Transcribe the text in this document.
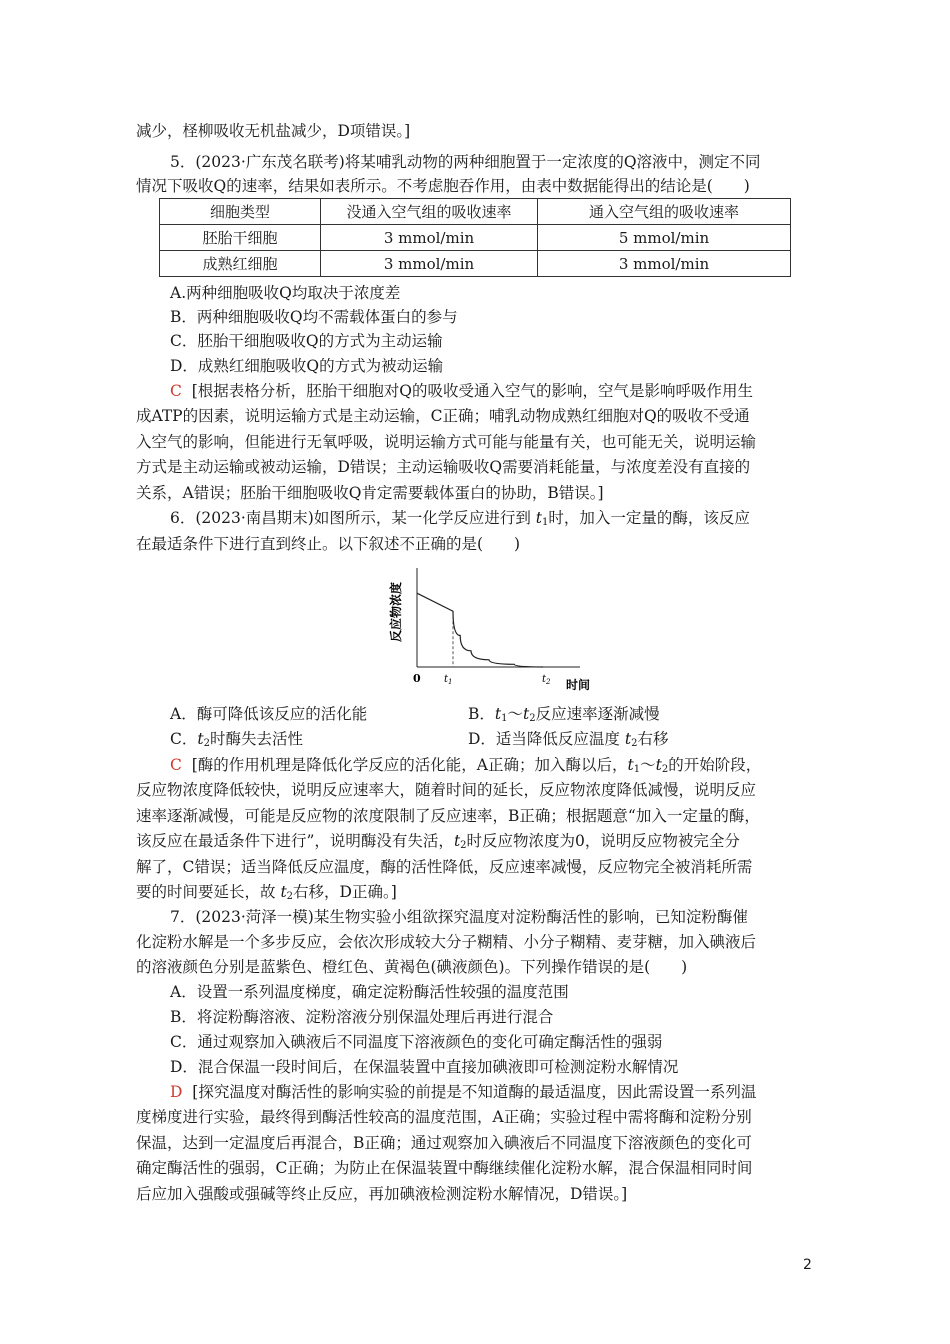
减少，柽柳吸收无机盐减少，D项错误。]
5．(2023·广东茂名联考)将某哺乳动物的两种细胞置于一定浓度的Q溶液中，测定不同
情况下吸收Q的速率，结果如表所示。不考虑胞吞作用，由表中数据能得出的结论是(　　)
细胞类型	没通入空气组的吸收速率	通入空气组的吸收速率
胚胎干细胞	3 mmol/min	5 mmol/min
成熟红细胞	3 mmol/min	3 mmol/min
A.两种细胞吸收Q均取决于浓度差
B．两种细胞吸收Q均不需载体蛋白的参与
C．胚胎干细胞吸收Q的方式为主动运输
D．成熟红细胞吸收Q的方式为被动运输
C [根据表格分析，胚胎干细胞对Q的吸收受通入空气的影响，空气是影响呼吸作用生
成ATP的因素，说明运输方式是主动运输，C正确；哺乳动物成熟红细胞对Q的吸收不受通
入空气的影响，但能进行无氧呼吸，说明运输方式可能与能量有关，也可能无关，说明运输
方式是主动运输或被动运输，D错误；主动运输吸收Q需要消耗能量，与浓度差没有直接的
关系，A错误；胚胎干细胞吸收Q肯定需要载体蛋白的协助，B错误。]
6．(2023·南昌期末)如图所示，某一化学反应进行到 $t_1$时，加入一定量的酶，该反应
在最适条件下进行直到终止。以下叙述不正确的是(　　)
反应物浓度
0 $t_1$	$t_2$ 时间
A．酶可降低该反应的活化能	B．$t_1\sim t_2$反应速率逐渐减慢
C．$t_2$时酶失去活性	D．适当降低反应温度 $t_2$右移
C [酶的作用机理是降低化学反应的活化能，A正确；加入酶以后，$t_1\sim t_2$的开始阶段，
反应物浓度降低较快，说明反应速率大，随着时间的延长，反应物浓度降低减慢，说明反应
速率逐渐减慢，可能是反应物的浓度限制了反应速率，B正确；根据题意“加入一定量的酶，
该反应在最适条件下进行”，说明酶没有失活，$t_2$时反应物浓度为0，说明反应物被完全分
解了，C错误；适当降低反应温度，酶的活性降低，反应速率减慢，反应物完全被消耗所需
要的时间要延长，故 $t_2$右移，D正确。]
7．(2023·菏泽一模)某生物实验小组欲探究温度对淀粉酶活性的影响，已知淀粉酶催
化淀粉水解是一个多步反应，会依次形成较大分子糊精、小分子糊精、麦芽糖，加入碘液后
的溶液颜色分别是蓝紫色、橙红色、黄褐色(碘液颜色)。下列操作错误的是(　　)
A．设置一系列温度梯度，确定淀粉酶活性较强的温度范围
B．将淀粉酶溶液、淀粉溶液分别保温处理后再进行混合
C．通过观察加入碘液后不同温度下溶液颜色的变化可确定酶活性的强弱
D．混合保温一段时间后，在保温装置中直接加碘液即可检测淀粉水解情况
D [探究温度对酶活性的影响实验的前提是不知道酶的最适温度，因此需设置一系列温
度梯度进行实验，最终得到酶活性较高的温度范围，A正确；实验过程中需将酶和淀粉分别
保温，达到一定温度后再混合，B正确；通过观察加入碘液后不同温度下溶液颜色的变化可
确定酶活性的强弱，C正确；为防止在保温装置中酶继续催化淀粉水解，混合保温相同时间
后应加入强酸或强碱等终止反应，再加碘液检测淀粉水解情况，D错误。]
2
